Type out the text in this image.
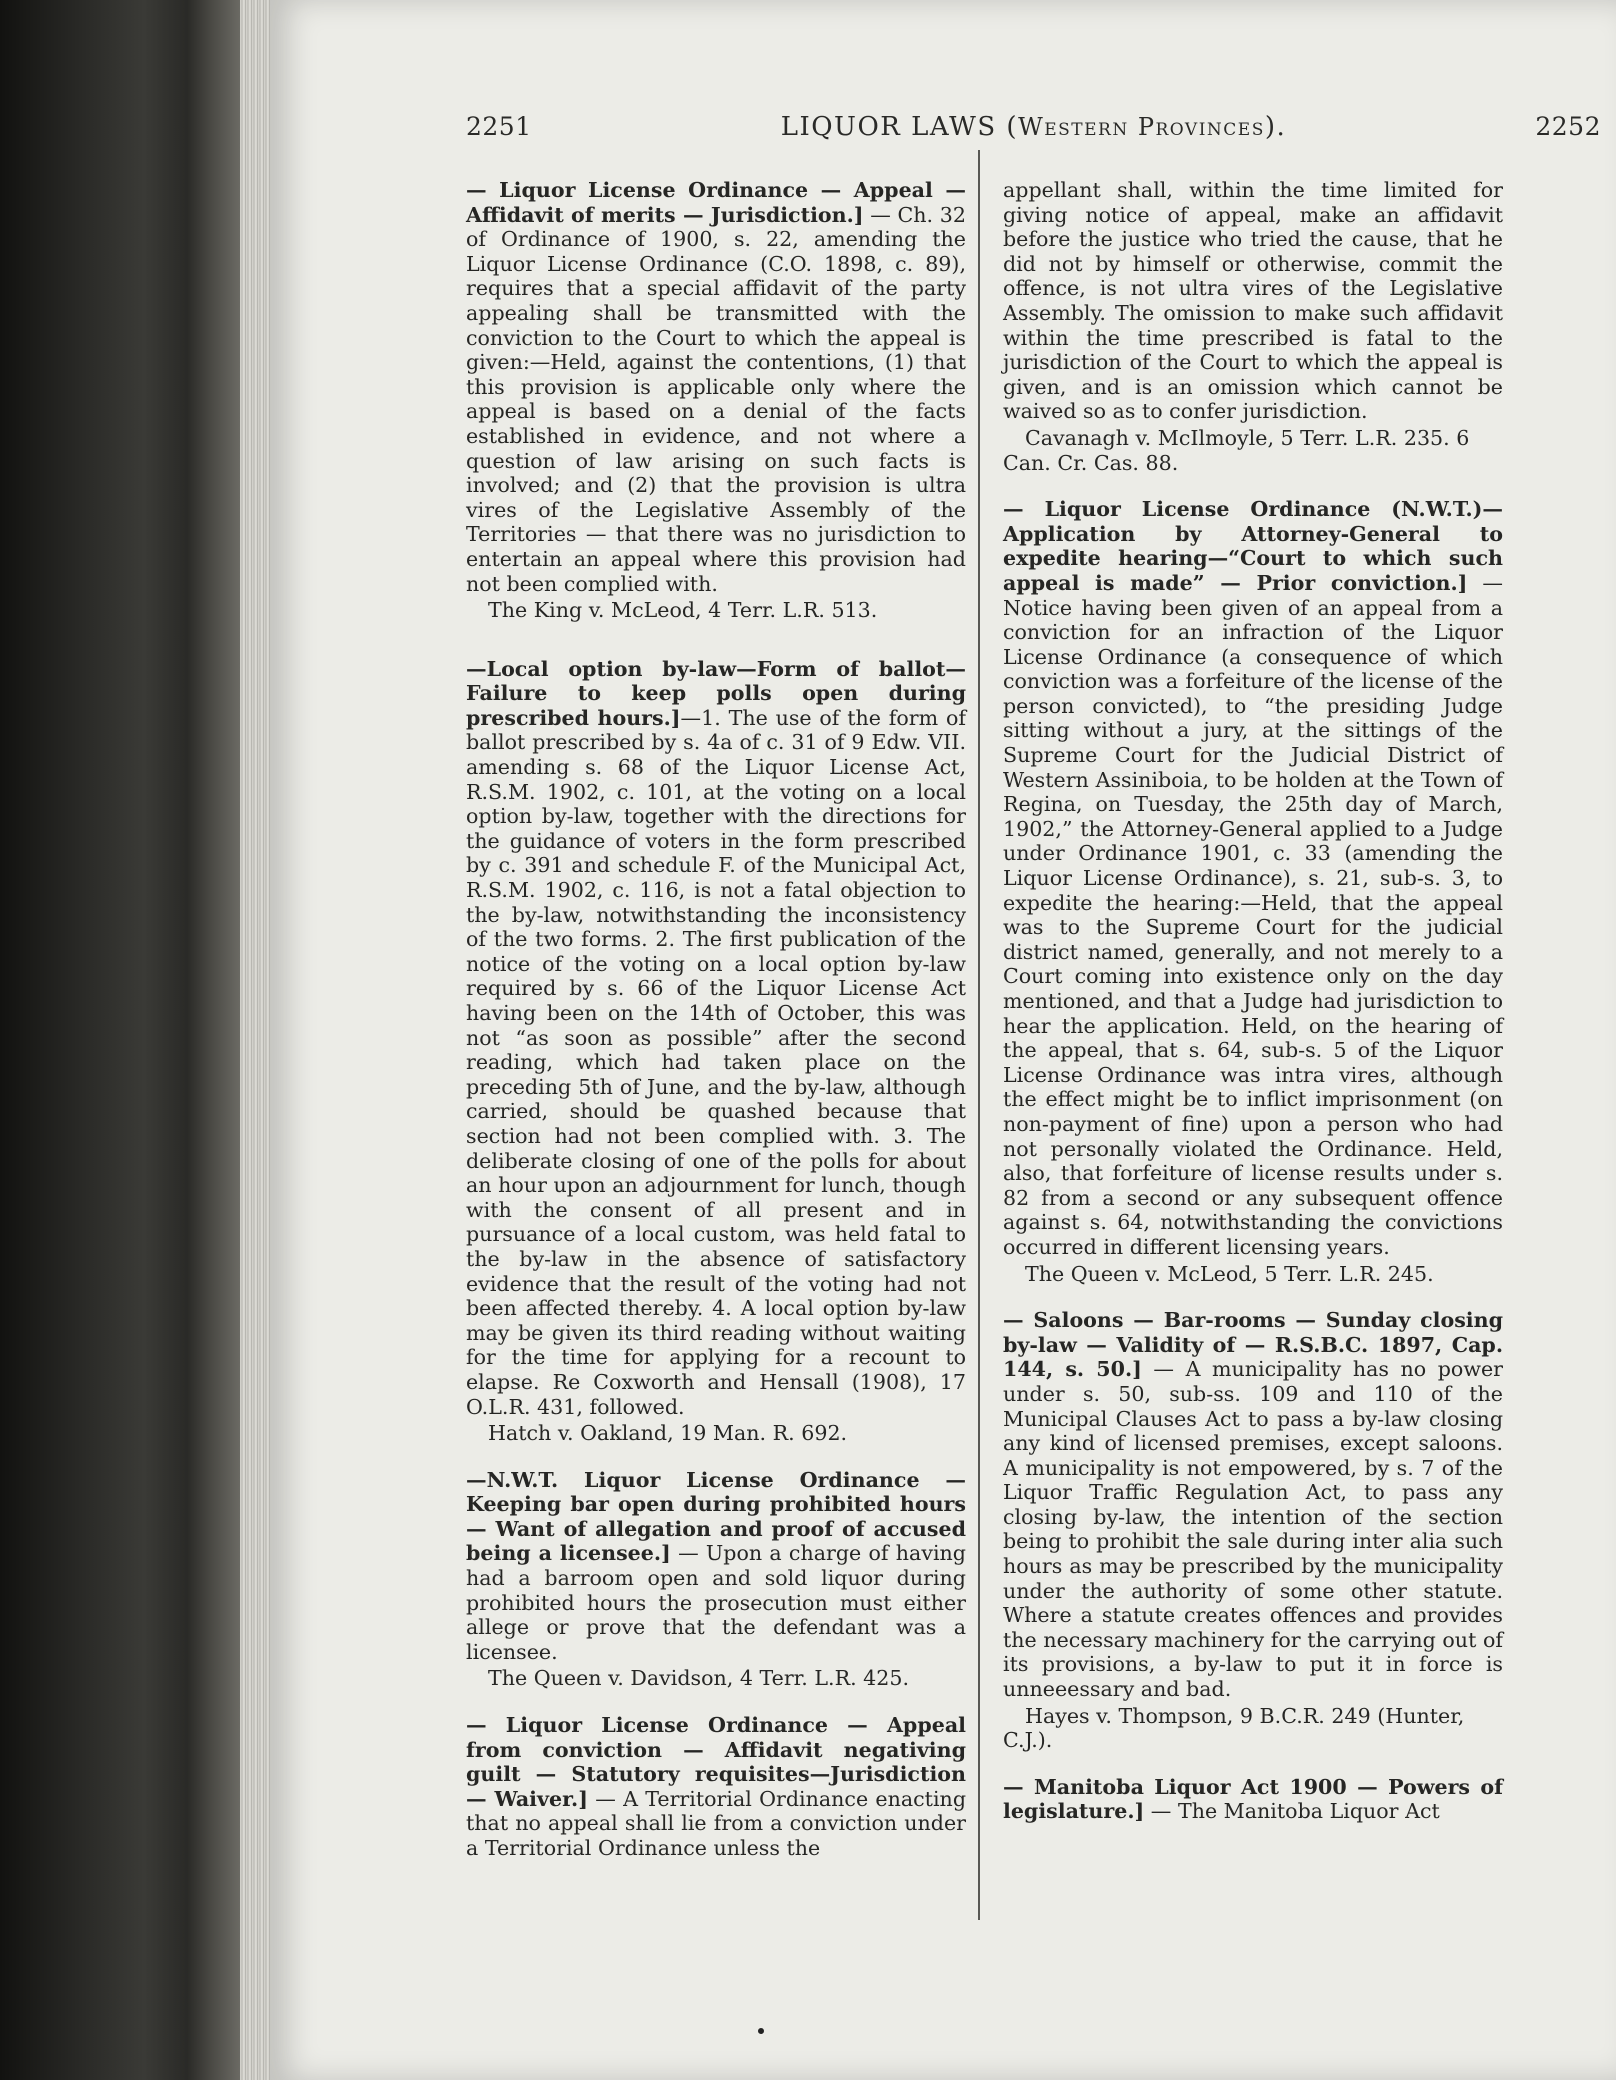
2251	LIQUOR LAWS (Western Provinces).	2252

— Liquor License Ordinance — Appeal — Affidavit of merits — Jurisdiction.] — Ch. 32 of Ordinance of 1900, s. 22, amending the Liquor License Ordinance (C.O. 1898, c. 89), requires that a special affidavit of the party appealing shall be transmitted with the conviction to the Court to which the appeal is given:—Held, against the contentions, (1) that this provision is applicable only where the appeal is based on a denial of the facts established in evidence, and not where a question of law arising on such facts is involved; and (2) that the provision is ultra vires of the Legislative Assembly of the Territories — that there was no jurisdiction to entertain an appeal where this provision had not been complied with.

The King v. McLeod, 4 Terr. L.R. 513.

—Local option by-law—Form of ballot—Failure to keep polls open during prescribed hours.]—1. The use of the form of ballot prescribed by s. 4a of c. 31 of 9 Edw. VII. amending s. 68 of the Liquor License Act, R.S.M. 1902, c. 101, at the voting on a local option by-law, together with the directions for the guidance of voters in the form prescribed by c. 391 and schedule F. of the Municipal Act, R.S.M. 1902, c. 116, is not a fatal objection to the by-law, notwithstanding the inconsistency of the two forms. 2. The first publication of the notice of the voting on a local option by-law required by s. 66 of the Liquor License Act having been on the 14th of October, this was not “as soon as possible” after the second reading, which had taken place on the preceding 5th of June, and the by-law, although carried, should be quashed because that section had not been complied with. 3. The deliberate closing of one of the polls for about an hour upon an adjournment for lunch, though with the consent of all present and in pursuance of a local custom, was held fatal to the by-law in the absence of satisfactory evidence that the result of the voting had not been affected thereby. 4. A local option by-law may be given its third reading without waiting for the time for applying for a recount to elapse. Re Coxworth and Hensall (1908), 17 O.L.R. 431, followed.

Hatch v. Oakland, 19 Man. R. 692.

—N.W.T. Liquor License Ordinance — Keeping bar open during prohibited hours — Want of allegation and proof of accused being a licensee.] — Upon a charge of having had a barroom open and sold liquor during prohibited hours the prosecution must either allege or prove that the defendant was a licensee.

The Queen v. Davidson, 4 Terr. L.R. 425.

— Liquor License Ordinance — Appeal from conviction — Affidavit negativing guilt — Statutory requisites—Jurisdiction — Waiver.] — A Territorial Ordinance enacting that no appeal shall lie from a conviction under a Territorial Ordinance unless the

appellant shall, within the time limited for giving notice of appeal, make an affidavit before the justice who tried the cause, that he did not by himself or otherwise, commit the offence, is not ultra vires of the Legislative Assembly. The omission to make such affidavit within the time prescribed is fatal to the jurisdiction of the Court to which the appeal is given, and is an omission which cannot be waived so as to confer jurisdiction.

Cavanagh v. McIlmoyle, 5 Terr. L.R. 235. 6 Can. Cr. Cas. 88.

— Liquor License Ordinance (N.W.T.)—Application by Attorney-General to expedite hearing—“Court to which such appeal is made” — Prior conviction.] — Notice having been given of an appeal from a conviction for an infraction of the Liquor License Ordinance (a consequence of which conviction was a forfeiture of the license of the person convicted), to “the presiding Judge sitting without a jury, at the sittings of the Supreme Court for the Judicial District of Western Assiniboia, to be holden at the Town of Regina, on Tuesday, the 25th day of March, 1902,” the Attorney-General applied to a Judge under Ordinance 1901, c. 33 (amending the Liquor License Ordinance), s. 21, sub-s. 3, to expedite the hearing:—Held, that the appeal was to the Supreme Court for the judicial district named, generally, and not merely to a Court coming into existence only on the day mentioned, and that a Judge had jurisdiction to hear the application. Held, on the hearing of the appeal, that s. 64, sub-s. 5 of the Liquor License Ordinance was intra vires, although the effect might be to inflict imprisonment (on non-payment of fine) upon a person who had not personally violated the Ordinance. Held, also, that forfeiture of license results under s. 82 from a second or any subsequent offence against s. 64, notwithstanding the convictions occurred in different licensing years.

The Queen v. McLeod, 5 Terr. L.R. 245.

— Saloons — Bar-rooms — Sunday closing by-law — Validity of — R.S.B.C. 1897, Cap. 144, s. 50.] — A municipality has no power under s. 50, sub-ss. 109 and 110 of the Municipal Clauses Act to pass a by-law closing any kind of licensed premises, except saloons. A municipality is not empowered, by s. 7 of the Liquor Traffic Regulation Act, to pass any closing by-law, the intention of the section being to prohibit the sale during inter alia such hours as may be prescribed by the municipality under the authority of some other statute. Where a statute creates offences and provides the necessary machinery for the carrying out of its provisions, a by-law to put it in force is unneeessary and bad.

Hayes v. Thompson, 9 B.C.R. 249 (Hunter, C.J.).

— Manitoba Liquor Act 1900 — Powers of legislature.] — The Manitoba Liquor Act
